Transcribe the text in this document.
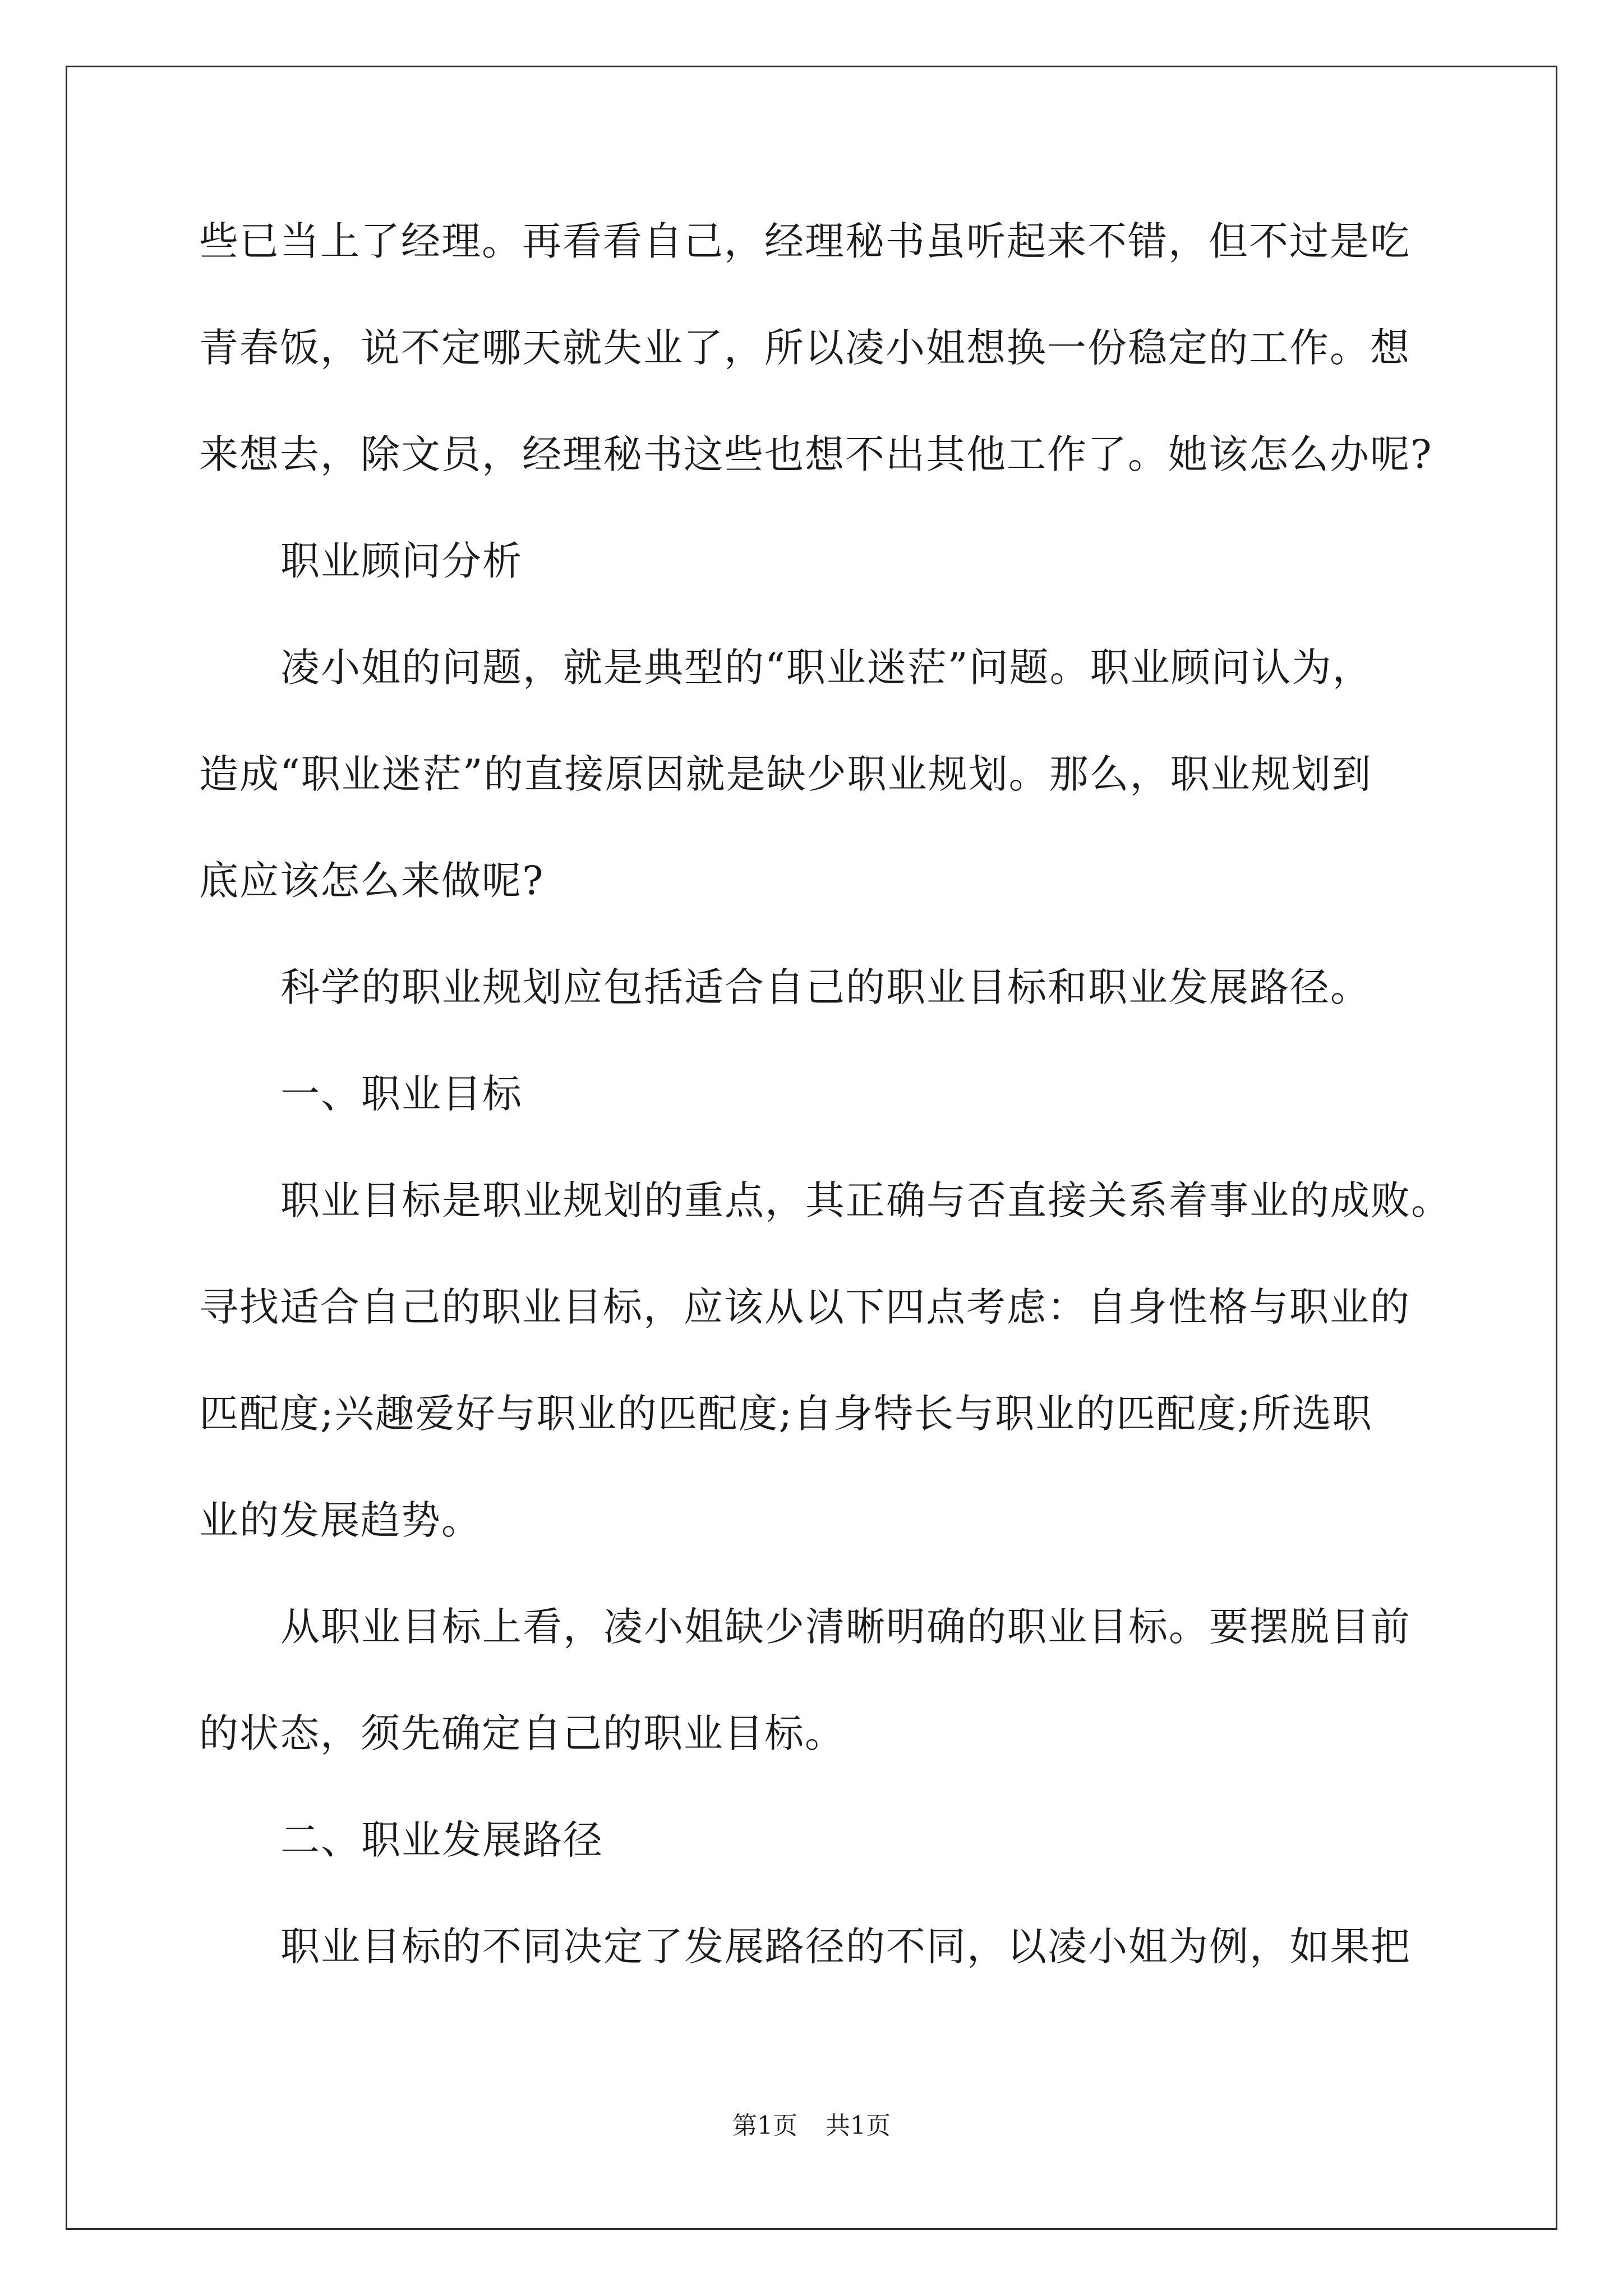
些已当上了经理。再看看自己，经理秘书虽听起来不错，但不过是吃
青春饭，说不定哪天就失业了，所以凌小姐想换一份稳定的工作。想
来想去，除文员，经理秘书这些也想不出其他工作了。她该怎么办呢?
职业顾问分析
凌小姐的问题，就是典型的“职业迷茫”问题。职业顾问认为，
造成“职业迷茫”的直接原因就是缺少职业规划。那么，职业规划到
底应该怎么来做呢?
科学的职业规划应包括适合自己的职业目标和职业发展路径。
一、职业目标
职业目标是职业规划的重点，其正确与否直接关系着事业的成败。
寻找适合自己的职业目标，应该从以下四点考虑：自身性格与职业的
匹配度;兴趣爱好与职业的匹配度;自身特长与职业的匹配度;所选职
业的发展趋势。
从职业目标上看，凌小姐缺少清晰明确的职业目标。要摆脱目前
的状态，须先确定自己的职业目标。
二、职业发展路径
职业目标的不同决定了发展路径的不同，以凌小姐为例，如果把
第1页 共1页
